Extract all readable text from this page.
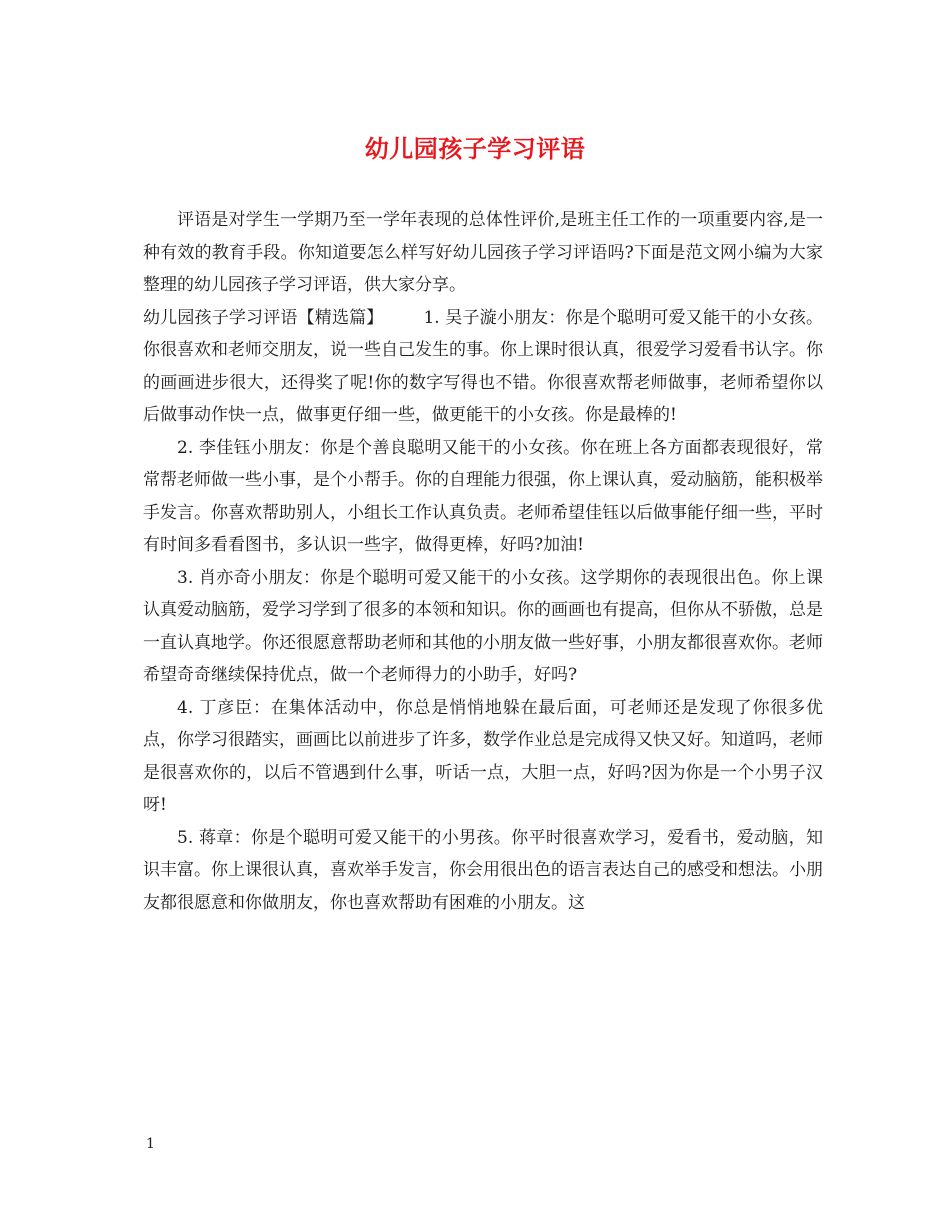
幼儿园孩子学习评语

评语是对学生一学期乃至一学年表现的总体性评价,是班主任工作的一项重要内容,是一种有效的教育手段。你知道要怎么样写好幼儿园孩子学习评语吗?下面是范文网小编为大家整理的幼儿园孩子学习评语，供大家分享。

幼儿园孩子学习评语【精选篇】 1. 吴子漩小朋友：你是个聪明可爱又能干的小女孩。你很喜欢和老师交朋友，说一些自己发生的事。你上课时很认真，很爱学习爱看书认字。你的画画进步很大，还得奖了呢!你的数字写得也不错。你很喜欢帮老师做事，老师希望你以后做事动作快一点，做事更仔细一些，做更能干的小女孩。你是最棒的!

2. 李佳钰小朋友：你是个善良聪明又能干的小女孩。你在班上各方面都表现很好，常常帮老师做一些小事，是个小帮手。你的自理能力很强，你上课认真，爱动脑筋，能积极举手发言。你喜欢帮助别人，小组长工作认真负责。老师希望佳钰以后做事能仔细一些，平时有时间多看看图书，多认识一些字，做得更棒，好吗?加油!

3. 肖亦奇小朋友：你是个聪明可爱又能干的小女孩。这学期你的表现很出色。你上课认真爱动脑筋，爱学习学到了很多的本领和知识。你的画画也有提高，但你从不骄傲，总是一直认真地学。你还很愿意帮助老师和其他的小朋友做一些好事，小朋友都很喜欢你。老师希望奇奇继续保持优点，做一个老师得力的小助手，好吗?

4. 丁彦臣：在集体活动中，你总是悄悄地躲在最后面，可老师还是发现了你很多优点，你学习很踏实，画画比以前进步了许多，数学作业总是完成得又快又好。知道吗，老师是很喜欢你的，以后不管遇到什么事，听话一点，大胆一点，好吗?因为你是一个小男子汉呀!

5. 蒋章：你是个聪明可爱又能干的小男孩。你平时很喜欢学习，爱看书，爱动脑，知识丰富。你上课很认真，喜欢举手发言，你会用很出色的语言表达自己的感受和想法。小朋友都很愿意和你做朋友，你也喜欢帮助有困难的小朋友。这

1
